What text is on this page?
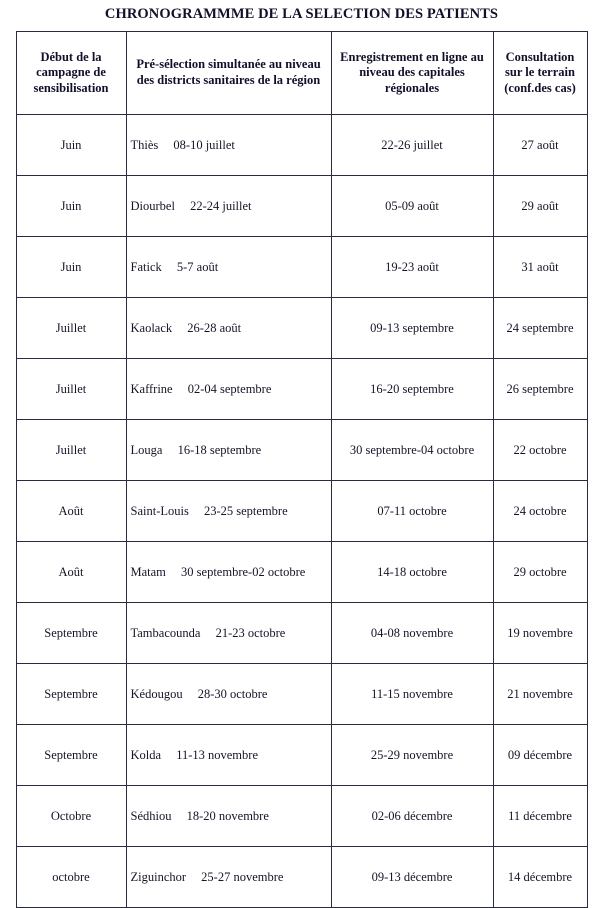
CHRONOGRAMMME DE LA SELECTION DES PATIENTS
Début de la campagne de sensibilisation	Pré-sélection simultanée au niveau des districts sanitaires de la région	Enregistrement en ligne au niveau des capitales régionales	Consultation sur le terrain (conf.des cas)
Juin	Thiès 08-10 juillet	22-26 juillet	27 août
Juin	Diourbel 22-24 juillet	05-09 août	29 août
Juin	Fatick 5-7 août	19-23 août	31 août
Juillet	Kaolack 26-28 août	09-13 septembre	24 septembre
Juillet	Kaffrine 02-04 septembre	16-20 septembre	26 septembre
Juillet	Louga 16-18 septembre	30 septembre-04 octobre	22 octobre
Août	Saint-Louis 23-25 septembre	07-11 octobre	24 octobre
Août	Matam 30 septembre-02 octobre	14-18 octobre	29 octobre
Septembre	Tambacounda 21-23 octobre	04-08 novembre	19 novembre
Septembre	Kédougou 28-30 octobre	11-15 novembre	21 novembre
Septembre	Kolda 11-13 novembre	25-29 novembre	09 décembre
Octobre	Sédhiou 18-20 novembre	02-06 décembre	11 décembre
octobre	Ziguinchor 25-27 novembre	09-13 décembre	14 décembre
